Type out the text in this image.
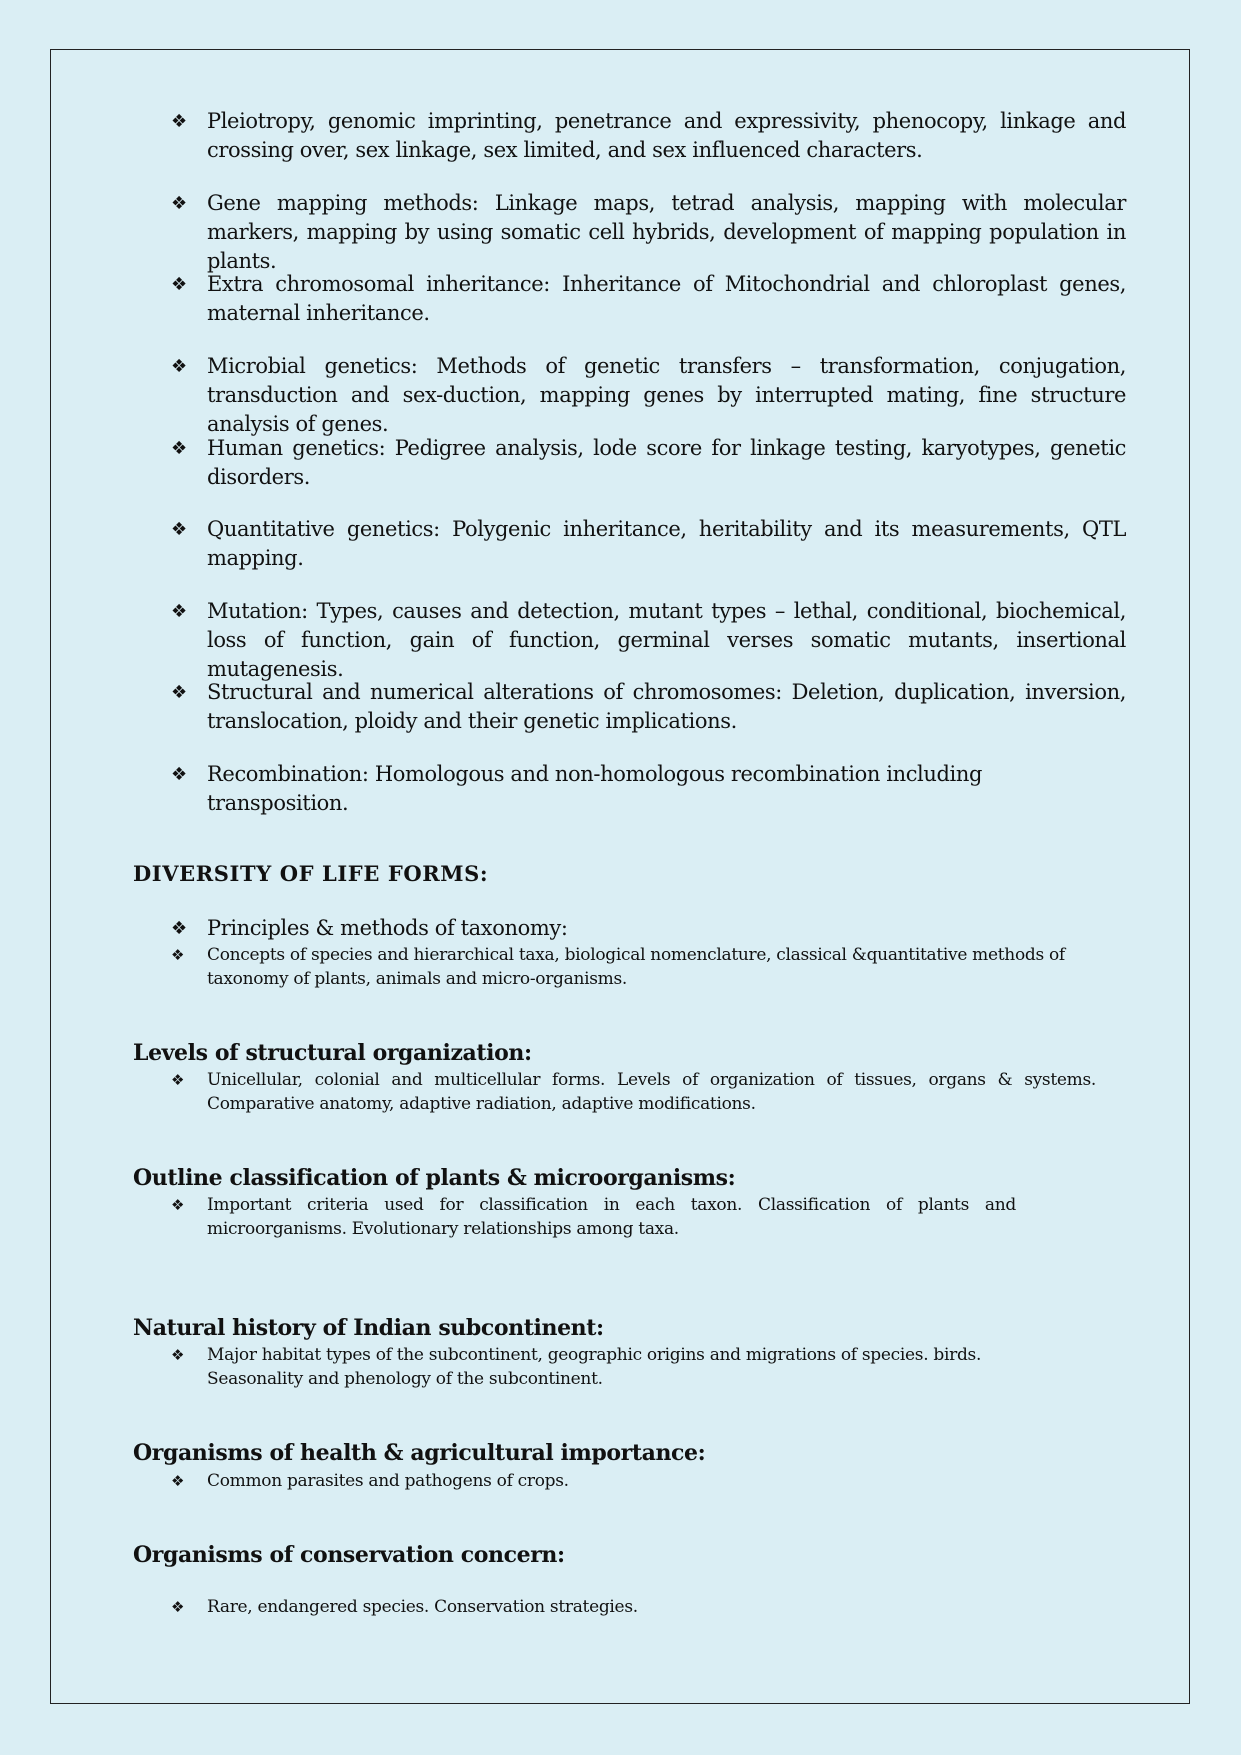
❖ Pleiotropy, genomic imprinting, penetrance and expressivity, phenocopy, linkage and crossing over, sex linkage, sex limited, and sex influenced characters.
❖ Gene mapping methods: Linkage maps, tetrad analysis, mapping with molecular markers, mapping by using somatic cell hybrids, development of mapping population in plants.
❖ Extra chromosomal inheritance: Inheritance of Mitochondrial and chloroplast genes, maternal inheritance.
❖ Microbial genetics: Methods of genetic transfers – transformation, conjugation, transduction and sex-duction, mapping genes by interrupted mating, fine structure analysis of genes.
❖ Human genetics: Pedigree analysis, lode score for linkage testing, karyotypes, genetic disorders.
❖ Quantitative genetics: Polygenic inheritance, heritability and its measurements, QTL mapping.
❖ Mutation: Types, causes and detection, mutant types – lethal, conditional, biochemical, loss of function, gain of function, germinal verses somatic mutants, insertional mutagenesis.
❖ Structural and numerical alterations of chromosomes: Deletion, duplication, inversion, translocation, ploidy and their genetic implications.
❖ Recombination: Homologous and non-homologous recombination including transposition.
DIVERSITY OF LIFE FORMS:
❖ Principles & methods of taxonomy:
❖	Concepts of species and hierarchical taxa, biological nomenclature, classical &quantitative methods of taxonomy of plants, animals and micro-organisms.
Levels of structural organization:
❖	Unicellular, colonial and multicellular forms. Levels of organization of tissues, organs & systems. Comparative anatomy, adaptive radiation, adaptive modifications.
Outline classification of plants & microorganisms:
❖	Important criteria used for classification in each taxon. Classification of plants and microorganisms. Evolutionary relationships among taxa.
Natural history of Indian subcontinent:
❖	Major habitat types of the subcontinent, geographic origins and migrations of species. birds. Seasonality and phenology of the subcontinent.
Organisms of health & agricultural importance:
❖	Common parasites and pathogens of crops.
Organisms of conservation concern:
❖	Rare, endangered species. Conservation strategies.
